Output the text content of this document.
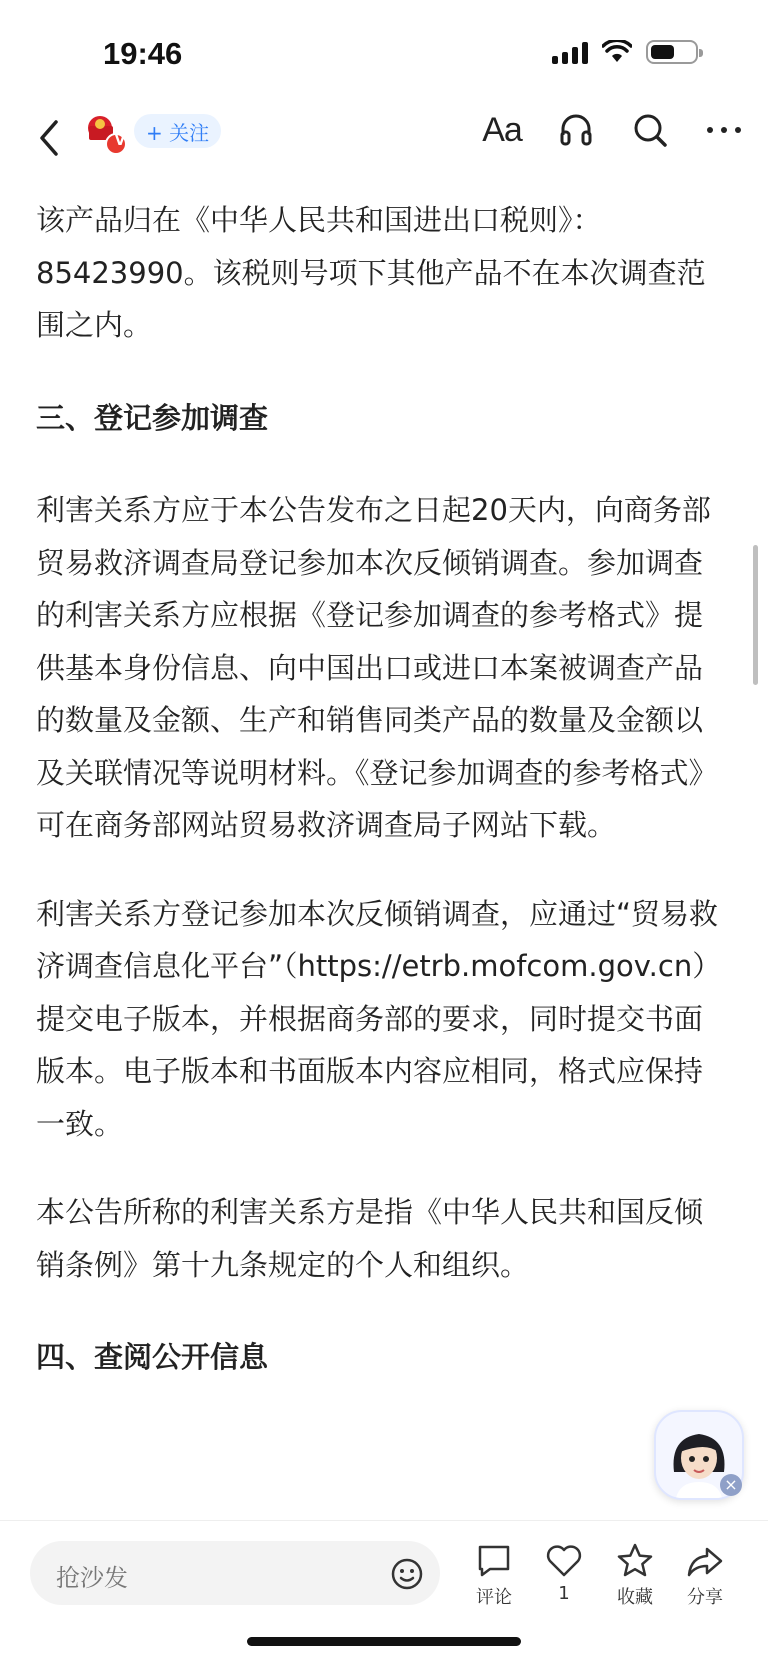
19:46
V + 关注	Aa

该产品归在《中华人民共和国进出口税则》：85423990。该税则号项下其他产品不在本次调查范围之内。

三、登记参加调查

利害关系方应于本公告发布之日起20天内，向商务部贸易救济调查局登记参加本次反倾销调查。参加调查的利害关系方应根据《登记参加调查的参考格式》提供基本身份信息、向中国出口或进口本案被调查产品的数量及金额、生产和销售同类产品的数量及金额以及关联情况等说明材料。《登记参加调查的参考格式》可在商务部网站贸易救济调查局子网站下载。

利害关系方登记参加本次反倾销调查，应通过“贸易救济调查信息化平台”（https://etrb.mofcom.gov.cn）提交电子版本，并根据商务部的要求，同时提交书面版本。电子版本和书面版本内容应相同，格式应保持一致。

本公告所称的利害关系方是指《中华人民共和国反倾销条例》第十九条规定的个人和组织。

四、查阅公开信息

×
抢沙发
评论	1	收藏	分享
